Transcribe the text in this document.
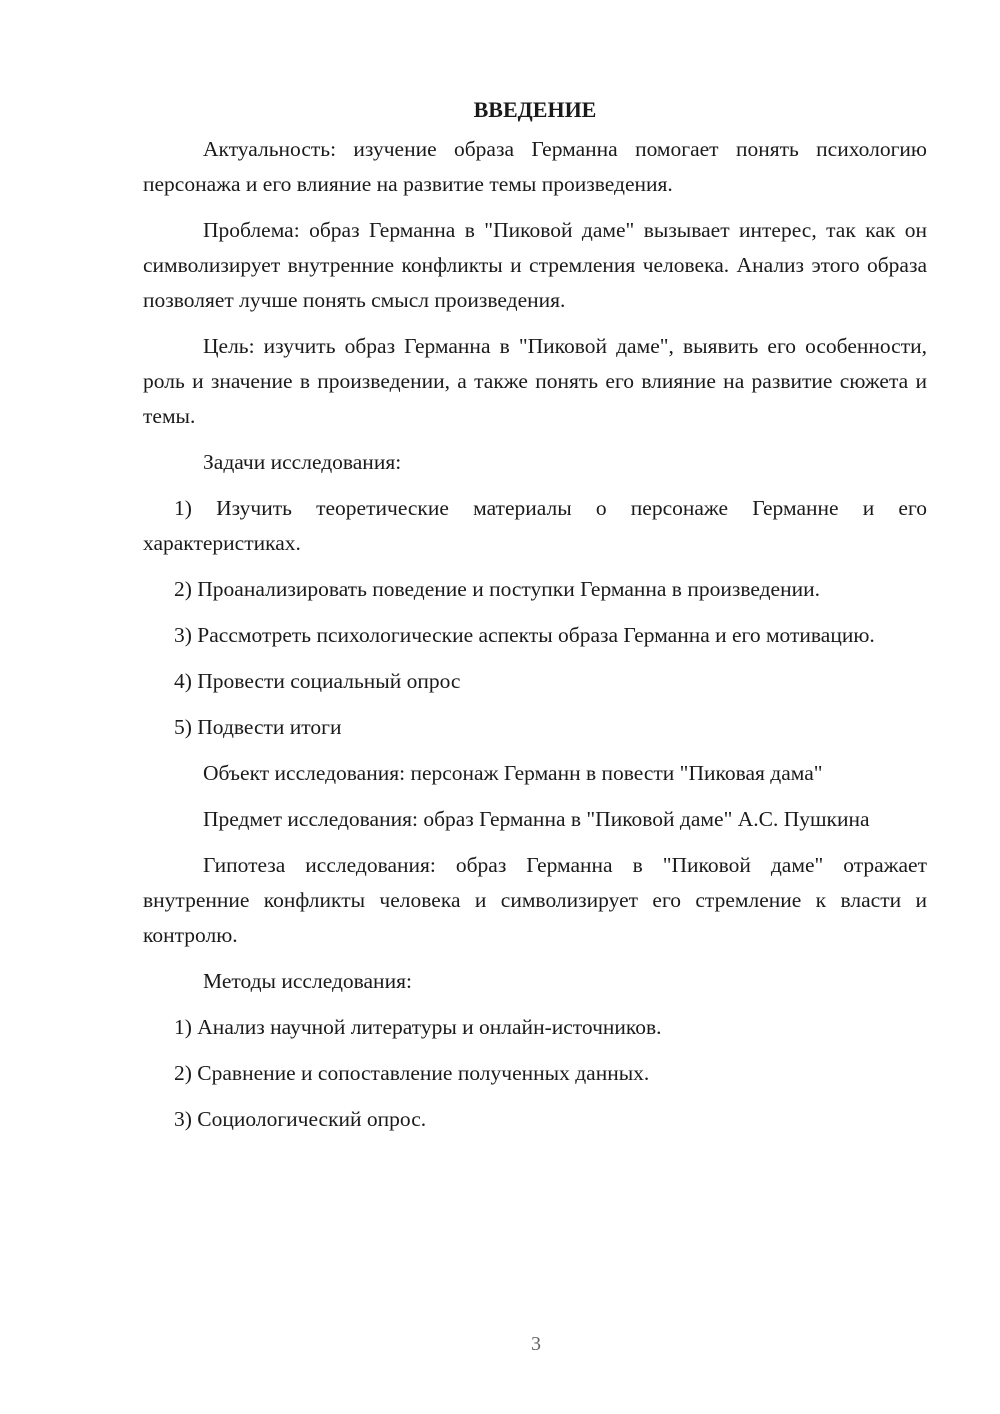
ВВЕДЕНИЕ

Актуальность: изучение образа Германна помогает понять психологию персонажа и его влияние на развитие темы произведения.

Проблема: образ Германна в "Пиковой даме" вызывает интерес, так как он символизирует внутренние конфликты и стремления человека. Анализ этого образа позволяет лучше понять смысл произведения.

Цель: изучить образ Германна в "Пиковой даме", выявить его особенности, роль и значение в произведении, а также понять его влияние на развитие сюжета и темы.

Задачи исследования:

1) Изучить теоретические материалы о персонаже Германне и его характеристиках.

2) Проанализировать поведение и поступки Германна в произведении.

3) Рассмотреть психологические аспекты образа Германна и его мотивацию.

4) Провести социальный опрос

5) Подвести итоги

Объект исследования: персонаж Германн в повести "Пиковая дама"

Предмет исследования: образ Германна в "Пиковой даме" А.С. Пушкина

Гипотеза исследования: образ Германна в "Пиковой даме" отражает внутренние конфликты человека и символизирует его стремление к власти и контролю.

Методы исследования:

1) Анализ научной литературы и онлайн-источников.

2) Сравнение и сопоставление полученных данных.

3) Социологический опрос.

3
